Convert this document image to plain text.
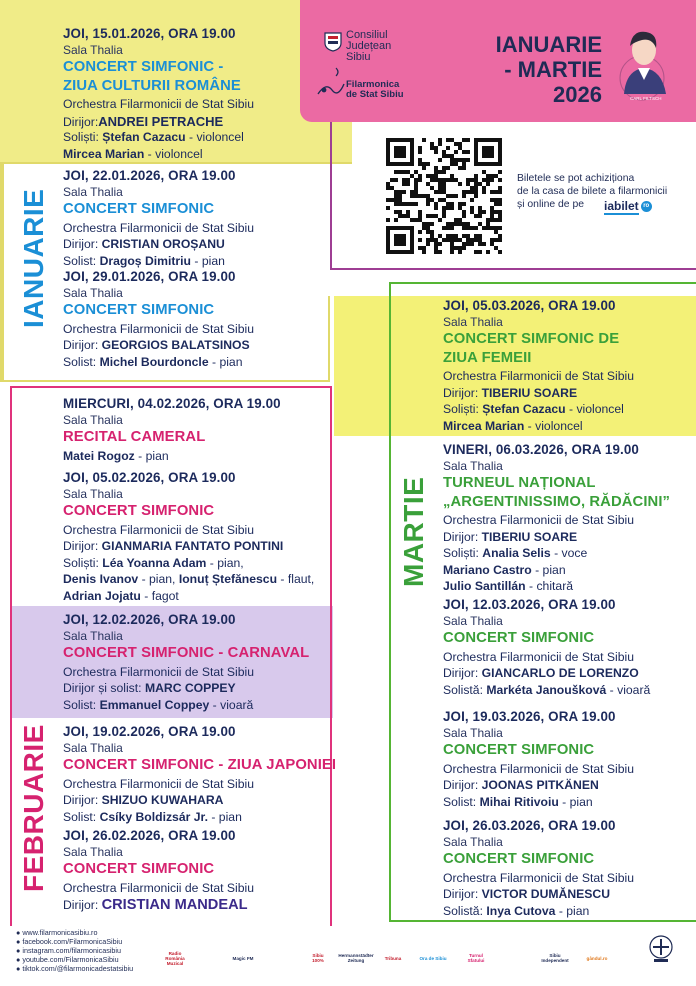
Consiliul Județean Sibiu
Filarmonica de Stat Sibiu
IANUARIE
- MARTIE
2026	CARL FILTSCH
Biletele se pot achiziționa
de la casa de bilete a filarmonicii
și online de pe	iabilet ro
IANUARIE
FEBRUARIE
MARTIE
JOI, 15.01.2026, ORA 19.00
Sala Thalia
CONCERT SIMFONIC -
ZIUA CULTURII ROMÂNE
Orchestra Filarmonicii de Stat Sibiu
Dirijor:ANDREI PETRACHE
Soliști: Ștefan Cazacu - violoncel
Mircea Marian - violoncel
JOI, 22.01.2026, ORA 19.00
Sala Thalia
CONCERT SIMFONIC
Orchestra Filarmonicii de Stat Sibiu
Dirijor: CRISTIAN OROȘANU
Solist: Dragoș Dimitriu - pian
JOI, 29.01.2026, ORA 19.00
Sala Thalia
CONCERT SIMFONIC
Orchestra Filarmonicii de Stat Sibiu
Dirijor: GEORGIOS BALATSINOS
Solist: Michel Bourdoncle - pian
MIERCURI, 04.02.2026, ORA 19.00
Sala Thalia
RECITAL CAMERAL
Matei Rogoz - pian
JOI, 05.02.2026, ORA 19.00
Sala Thalia
CONCERT SIMFONIC
Orchestra Filarmonicii de Stat Sibiu
Dirijor: GIANMARIA FANTATO PONTINI
Soliști: Léa Yoanna Adam - pian,
Denis Ivanov - pian, Ionuț Ștefănescu - flaut,
Adrian Jojatu - fagot
JOI, 12.02.2026, ORA 19.00
Sala Thalia
CONCERT SIMFONIC - CARNAVAL
Orchestra Filarmonicii de Stat Sibiu
Dirijor și solist: MARC COPPEY
Solist: Emmanuel Coppey - vioară
JOI, 19.02.2026, ORA 19.00
Sala Thalia
CONCERT SIMFONIC - ZIUA JAPONIEI
Orchestra Filarmonicii de Stat Sibiu
Dirijor: SHIZUO KUWAHARA
Solist: Csíky Boldizsár Jr. - pian
JOI, 26.02.2026, ORA 19.00
Sala Thalia
CONCERT SIMFONIC
Orchestra Filarmonicii de Stat Sibiu
Dirijor: CRISTIAN MANDEAL
JOI, 05.03.2026, ORA 19.00
Sala Thalia
CONCERT SIMFONIC DE
ZIUA FEMEII
Orchestra Filarmonicii de Stat Sibiu
Dirijor: TIBERIU SOARE
Soliști: Ștefan Cazacu - violoncel
Mircea Marian - violoncel
VINERI, 06.03.2026, ORA 19.00
Sala Thalia
TURNEUL NAȚIONAL
„ARGENTINISSIMO, RĂDĂCINI”
Orchestra Filarmonicii de Stat Sibiu
Dirijor: TIBERIU SOARE
Soliști: Analia Selis - voce
Mariano Castro - pian
Julio Santillán - chitară
JOI, 12.03.2026, ORA 19.00
Sala Thalia
CONCERT SIMFONIC
Orchestra Filarmonicii de Stat Sibiu
Dirijor: GIANCARLO DE LORENZO
Solistă: Markéta Janoušková - vioară
JOI, 19.03.2026, ORA 19.00
Sala Thalia
CONCERT SIMFONIC
Orchestra Filarmonicii de Stat Sibiu
Dirijor: JOONAS PITKÄNEN
Solist: Mihai Ritivoiu - pian
JOI, 26.03.2026, ORA 19.00
Sala Thalia
CONCERT SIMFONIC
Orchestra Filarmonicii de Stat Sibiu
Dirijor: VICTOR DUMĂNESCU
Solistă: Inya Cutova - pian
● www.filarmonicasibiu.ro
● facebook.com/FilarmonicaSibiu
● instagram.com/filarmonicasibiu
● youtube.com/FilarmonicaSibiu
● tiktok.com/@filarmonicadestatsibiu
Radio România Muzical
Magic FM	Sibiu 100%
Hermannstädter Zeitung	Tribuna	Ora de Sibiu	Turnul Sfatului
Sibiu Independent	gândul.ro
